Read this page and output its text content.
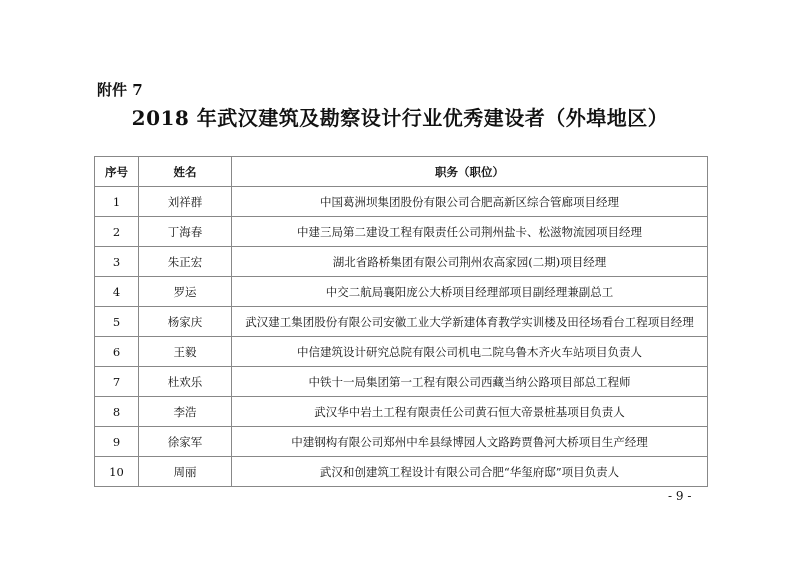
附件 7
2018 年武汉建筑及勘察设计行业优秀建设者（外埠地区）
序号	姓名	职务（职位）
1	刘祥群	中国葛洲坝集团股份有限公司合肥高新区综合管廊项目经理
2	丁海春	中建三局第二建设工程有限责任公司荆州盐卡、松滋物流园项目经理
3	朱正宏	湖北省路桥集团有限公司荆州农高家园(二期)项目经理
4	罗运	中交二航局襄阳庞公大桥项目经理部项目副经理兼副总工
5	杨家庆	武汉建工集团股份有限公司安徽工业大学新建体育教学实训楼及田径场看台工程项目经理
6	王毅	中信建筑设计研究总院有限公司机电二院乌鲁木齐火车站项目负责人
7	杜欢乐	中铁十一局集团第一工程有限公司西藏当纳公路项目部总工程师
8	李浩	武汉华中岩土工程有限责任公司黄石恒大帝景桩基项目负责人
9	徐家军	中建钢构有限公司郑州中牟县绿博园人文路跨贾鲁河大桥项目生产经理
10	周丽	武汉和创建筑工程设计有限公司合肥“华玺府邸”项目负责人
- 9 -
